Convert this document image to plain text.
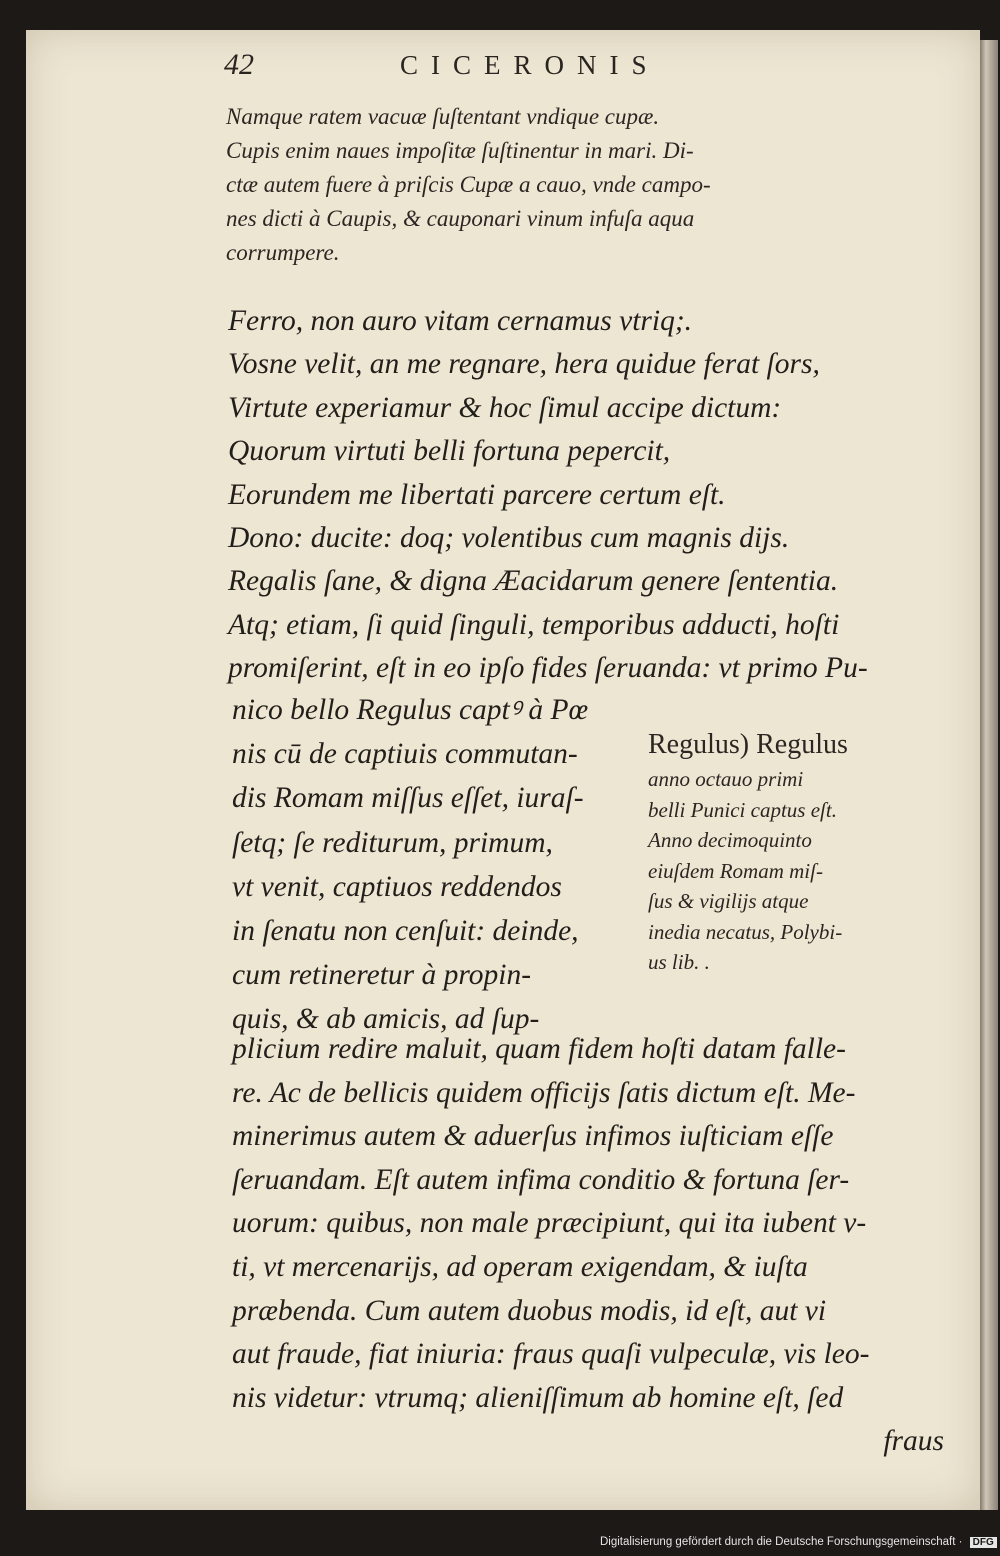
42	CICERONIS
Namque ratem vacuæ ſuſtentant vndique cupæ.
Cupis enim naues impoſitæ ſuſtinentur in mari. Di-
ctæ autem fuere à priſcis Cupæ a cauo, vnde campo-
nes dicti à Caupis, & cauponari vinum infuſa aqua
corrumpere.
Ferro, non auro vitam cernamus vtriq;.
Vosne velit, an me regnare, hera quidue ferat ſors,
Virtute experiamur & hoc ſimul accipe dictum:
Quorum virtuti belli fortuna pepercit,
Eorundem me libertati parcere certum eſt.
Dono: ducite: doq; volentibus cum magnis dijs.
Regalis ſane, & digna Æacidarum genere ſententia.
Atq; etiam, ſi quid ſinguli, temporibus adducti, hoſti
promiſerint, eſt in eo ipſo fides ſeruanda: vt primo Pu-
nico bello Regulus captꝰ à Pœ
nis cū de captiuis commutan-
dis Romam miſſus eſſet, iuraſ-
ſetq; ſe rediturum, primum,
vt venit, captiuos reddendos
in ſenatu non cenſuit: deinde,
cum retineretur à propin-
quis, & ab amicis, ad ſup-
Regulus) Regulus
anno octauo primi
belli Punici captus eſt.
Anno decimoquinto
eiuſdem Romam miſ-
ſus & vigilijs atque
inedia necatus, Polybi-
us lib. .
plicium redire maluit, quam fidem hoſti datam falle-
re. Ac de bellicis quidem officijs ſatis dictum eſt. Me-
minerimus autem & aduerſus infimos iuſticiam eſſe
ſeruandam. Eſt autem infima conditio & fortuna ſer-
uorum: quibus, non male præcipiunt, qui ita iubent v-
ti, vt mercenarijs, ad operam exigendam, & iuſta
præbenda. Cum autem duobus modis, id eſt, aut vi
aut fraude, fiat iniuria: fraus quaſi vulpeculæ, vis leo-
nis videtur: vtrumq; alieniſſimum ab homine eſt, ſed
fraus
Digitalisierung gefördert durch die Deutsche Forschungsgemeinschaft · DFG
